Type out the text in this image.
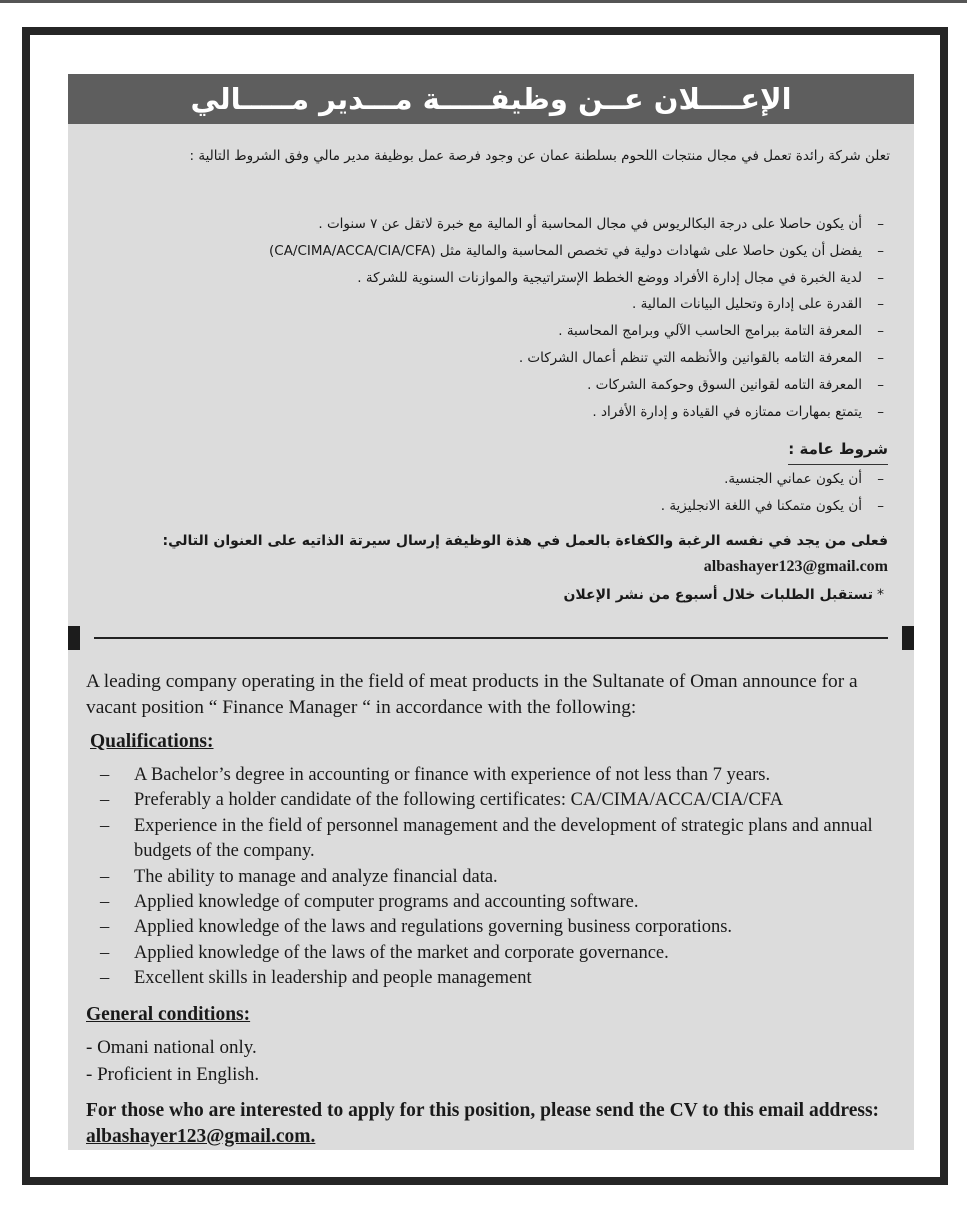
الإعــــلان عــن وظيفـــــة مـــدير مـــــالي
تعلن شركة رائدة تعمل في مجال منتجات اللحوم بسلطنة عمان عن وجود فرصة عمل بوظيفة مدير مالي وفق الشروط التالية :
– أن يكون حاصلا على درجة البكالريوس في مجال المحاسبة أو المالية مع خبرة لاتقل عن ٧ سنوات .
– يفضل أن يكون حاصلا على شهادات دولية في تخصص المحاسبة والمالية مثل (CA/CIMA/ACCA/CIA/CFA)
– لدية الخبرة في مجال إدارة الأفراد ووضع الخطط الإستراتيجية والموازنات السنوية للشركة .
– القدرة على إدارة وتحليل البيانات المالية .
– المعرفة التامة ببرامج الحاسب الآلي وبرامج المحاسبة .
– المعرفة التامه بالقوانين والأنظمه التي تنظم أعمال الشركات .
– المعرفة التامه لقوانين السوق وحوكمة الشركات .
– يتمتع بمهارات ممتازه في القيادة و إدارة الأفراد .
شروط عامة :
– أن يكون عماني الجنسية.
– أن يكون متمكنا في اللغة الانجليزية .
فعلى من يجد في نفسه الرغبة والكفاءة بالعمل في هذة الوظيفة إرسال سيرتة الذاتيه على العنوان التالي: albashayer123@gmail.com
*تستقبل الطلبات خلال أسبوع من نشر الإعلان

A leading company operating in the field of meat products in the Sultanate of Oman announce for a vacant position “ Finance Manager “ in accordance with the following:

Qualifications:

– A Bachelor’s degree in accounting or finance with experience of not less than 7 years.
– Preferably a holder candidate of the following certificates: CA/CIMA/ACCA/CIA/CFA
– Experience in the field of personnel management and the development of strategic plans and annual budgets of the company.
– The ability to manage and analyze financial data.
– Applied knowledge of computer programs and accounting software.
– Applied knowledge of the laws and regulations governing business corporations.
– Applied knowledge of the laws of the market and corporate governance.
– Excellent skills in leadership and people management

General conditions:

- Omani national only.
- Proficient in English.

For those who are interested to apply for this position, please send the CV to this email address: albashayer123@gmail.com.
